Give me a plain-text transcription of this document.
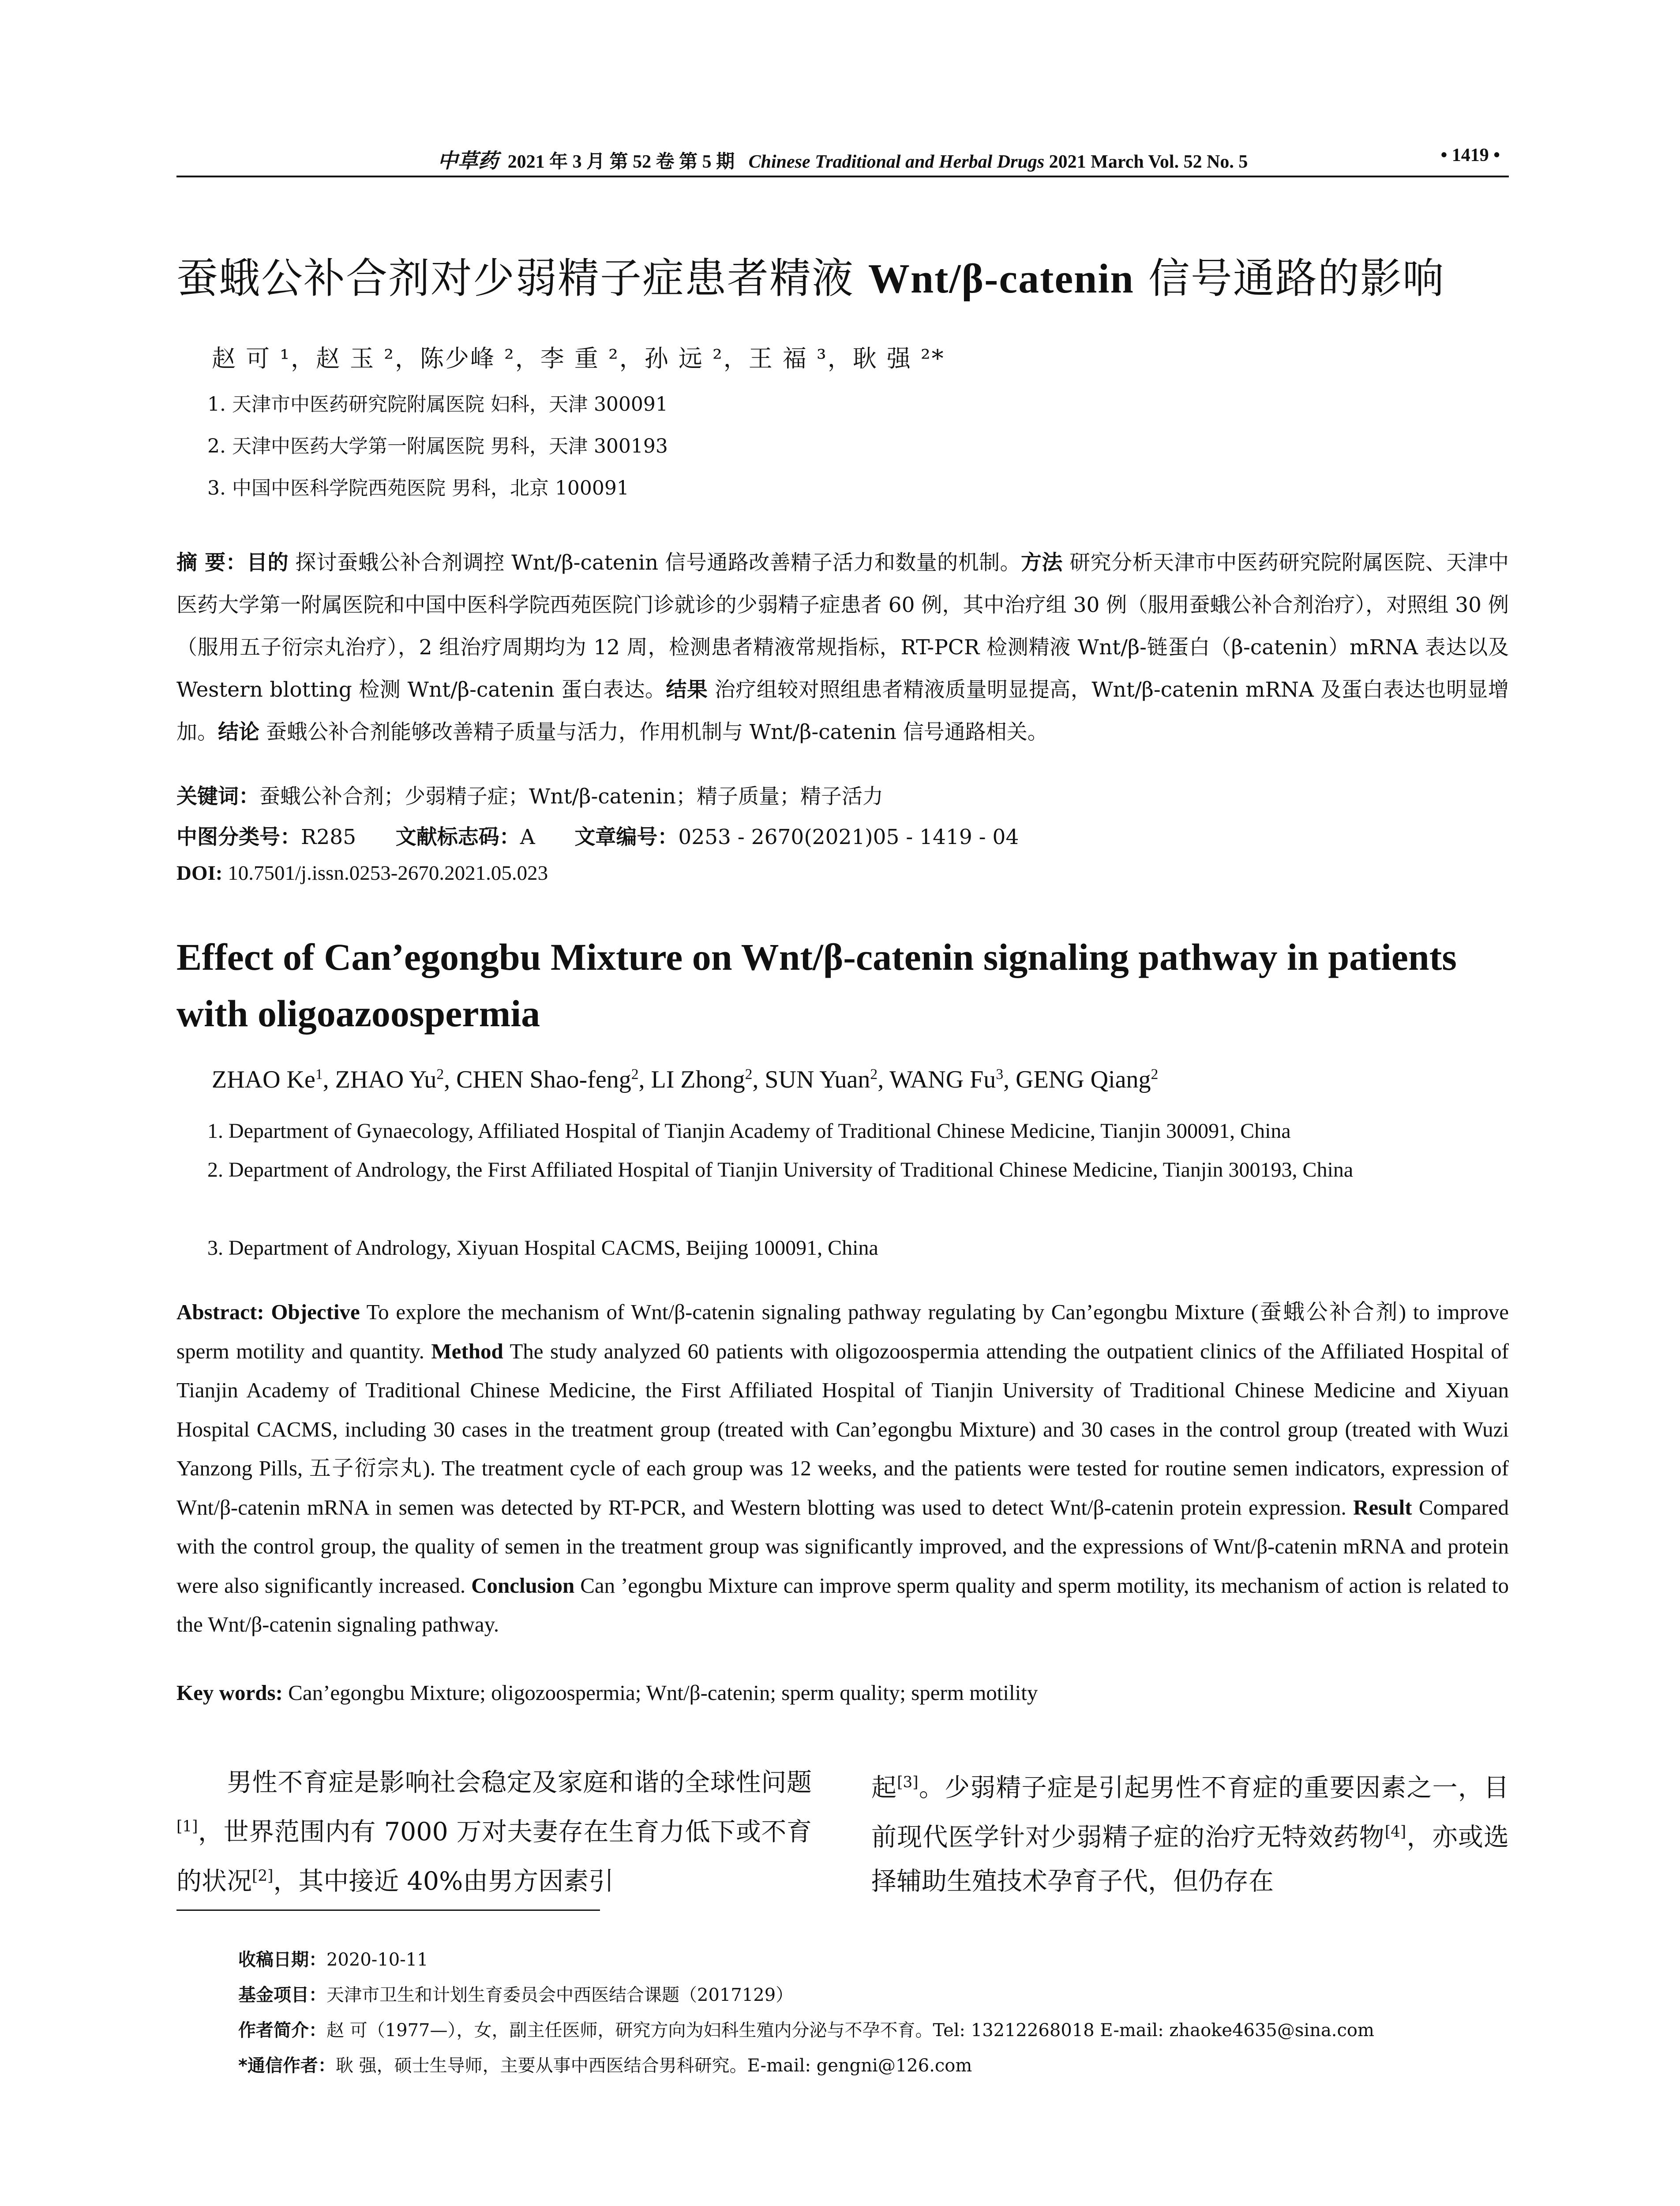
中草药 2021 年 3 月 第 52 卷 第 5 期 Chinese Traditional and Herbal Drugs 2021 March Vol. 52 No. 5	• 1419 •
蚕蛾公补合剂对少弱精子症患者精液 Wnt/β-catenin 信号通路的影响
赵 可 ¹，赵 玉 ²，陈少峰 ²，李 重 ²，孙 远 ²，王 福 ³，耿 强 ²*
1. 天津市中医药研究院附属医院 妇科，天津 300091
2. 天津中医药大学第一附属医院 男科，天津 300193
3. 中国中医科学院西苑医院 男科，北京 100091
摘 要：目的 探讨蚕蛾公补合剂调控 Wnt/β-catenin 信号通路改善精子活力和数量的机制。方法 研究分析天津市中医药研究院附属医院、天津中医药大学第一附属医院和中国中医科学院西苑医院门诊就诊的少弱精子症患者 60 例，其中治疗组 30 例（服用蚕蛾公补合剂治疗），对照组 30 例（服用五子衍宗丸治疗），2 组治疗周期均为 12 周，检测患者精液常规指标，RT-PCR 检测精液 Wnt/β-链蛋白（β-catenin）mRNA 表达以及 Western blotting 检测 Wnt/β-catenin 蛋白表达。结果 治疗组较对照组患者精液质量明显提高，Wnt/β-catenin mRNA 及蛋白表达也明显增加。结论 蚕蛾公补合剂能够改善精子质量与活力，作用机制与 Wnt/β-catenin 信号通路相关。
关键词：蚕蛾公补合剂；少弱精子症；Wnt/β-catenin；精子质量；精子活力
中图分类号：R285 文献标志码：A 文章编号：0253 - 2670(2021)05 - 1419 - 04
DOI: 10.7501/j.issn.0253-2670.2021.05.023
Effect of Can’egongbu Mixture on Wnt/β-catenin signaling pathway in patients with oligoazoospermia
ZHAO Ke$^1$, ZHAO Yu$^2$, CHEN Shao-feng$^2$, LI Zhong$^2$, SUN Yuan$^2$, WANG Fu$^3$, GENG Qiang$^2$
1. Department of Gynaecology, Affiliated Hospital of Tianjin Academy of Traditional Chinese Medicine, Tianjin 300091, China
2. Department of Andrology, the First Affiliated Hospital of Tianjin University of Traditional Chinese Medicine, Tianjin 300193, China
3. Department of Andrology, Xiyuan Hospital CACMS, Beijing 100091, China
Abstract: Objective To explore the mechanism of Wnt/β-catenin signaling pathway regulating by Can’egongbu Mixture (蚕蛾公补合剂) to improve sperm motility and quantity. Method The study analyzed 60 patients with oligozoospermia attending the outpatient clinics of the Affiliated Hospital of Tianjin Academy of Traditional Chinese Medicine, the First Affiliated Hospital of Tianjin University of Traditional Chinese Medicine and Xiyuan Hospital CACMS, including 30 cases in the treatment group (treated with Can’egongbu Mixture) and 30 cases in the control group (treated with Wuzi Yanzong Pills, 五子衍宗丸). The treatment cycle of each group was 12 weeks, and the patients were tested for routine semen indicators, expression of Wnt/β-catenin mRNA in semen was detected by RT-PCR, and Western blotting was used to detect Wnt/β-catenin protein expression. Result Compared with the control group, the quality of semen in the treatment group was significantly improved, and the expressions of Wnt/β-catenin mRNA and protein were also significantly increased. Conclusion Can ’egongbu Mixture can improve sperm quality and sperm motility, its mechanism of action is related to the Wnt/β-catenin signaling pathway.
Key words: Can’egongbu Mixture; oligozoospermia; Wnt/β-catenin; sperm quality; sperm motility
男性不育症是影响社会稳定及家庭和谐的全球性问题[1]，世界范围内有 7000 万对夫妻存在生育力低下或不育的状况[2]，其中接近 40%由男方因素引
起[3]。少弱精子症是引起男性不育症的重要因素之一，目前现代医学针对少弱精子症的治疗无特效药物[4]，亦或选择辅助生殖技术孕育子代，但仍存在
收稿日期：2020-10-11
基金项目：天津市卫生和计划生育委员会中西医结合课题（2017129）
作者简介：赵 可（1977—），女，副主任医师，研究方向为妇科生殖内分泌与不孕不育。Tel: 13212268018 E-mail: zhaoke4635@sina.com
*通信作者：耿 强，硕士生导师，主要从事中西医结合男科研究。E-mail: gengni@126.com
